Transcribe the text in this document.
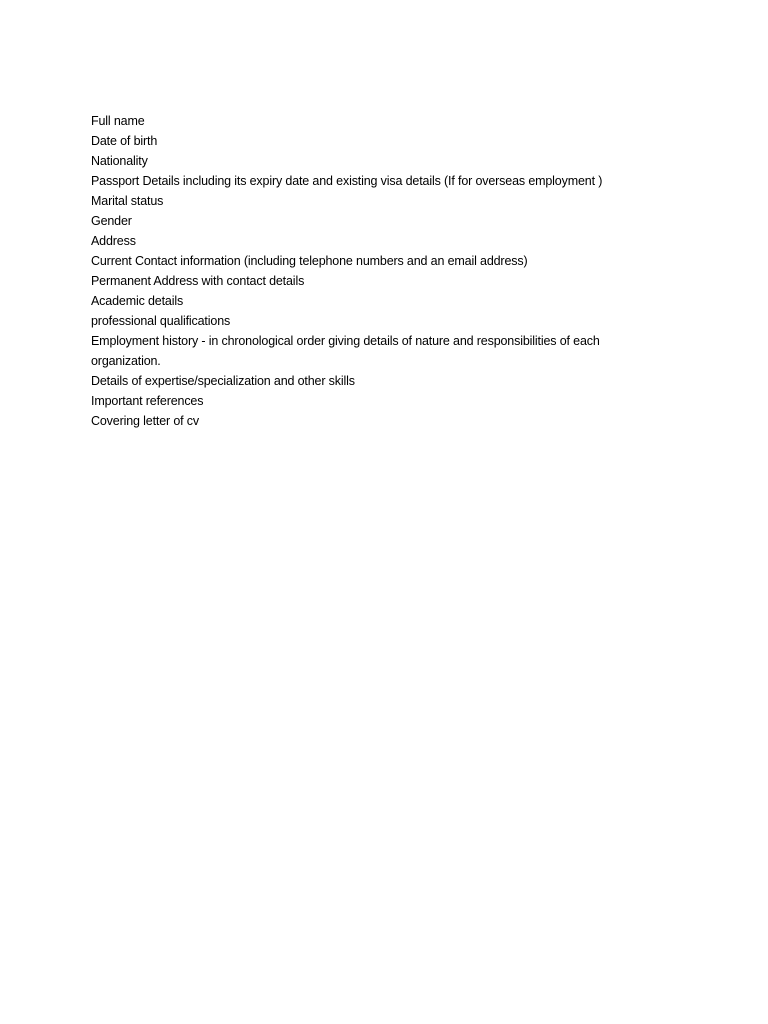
Full name
Date of birth
Nationality
Passport Details including its expiry date and existing visa details (If for overseas employment )
Marital status
Gender
Address
Current Contact information (including telephone numbers and an email address)
Permanent Address with contact details
Academic details
professional qualifications
Employment history - in chronological order giving details of nature and responsibilities of each organization.
Details of expertise/specialization and other skills
Important references
Covering letter of cv
